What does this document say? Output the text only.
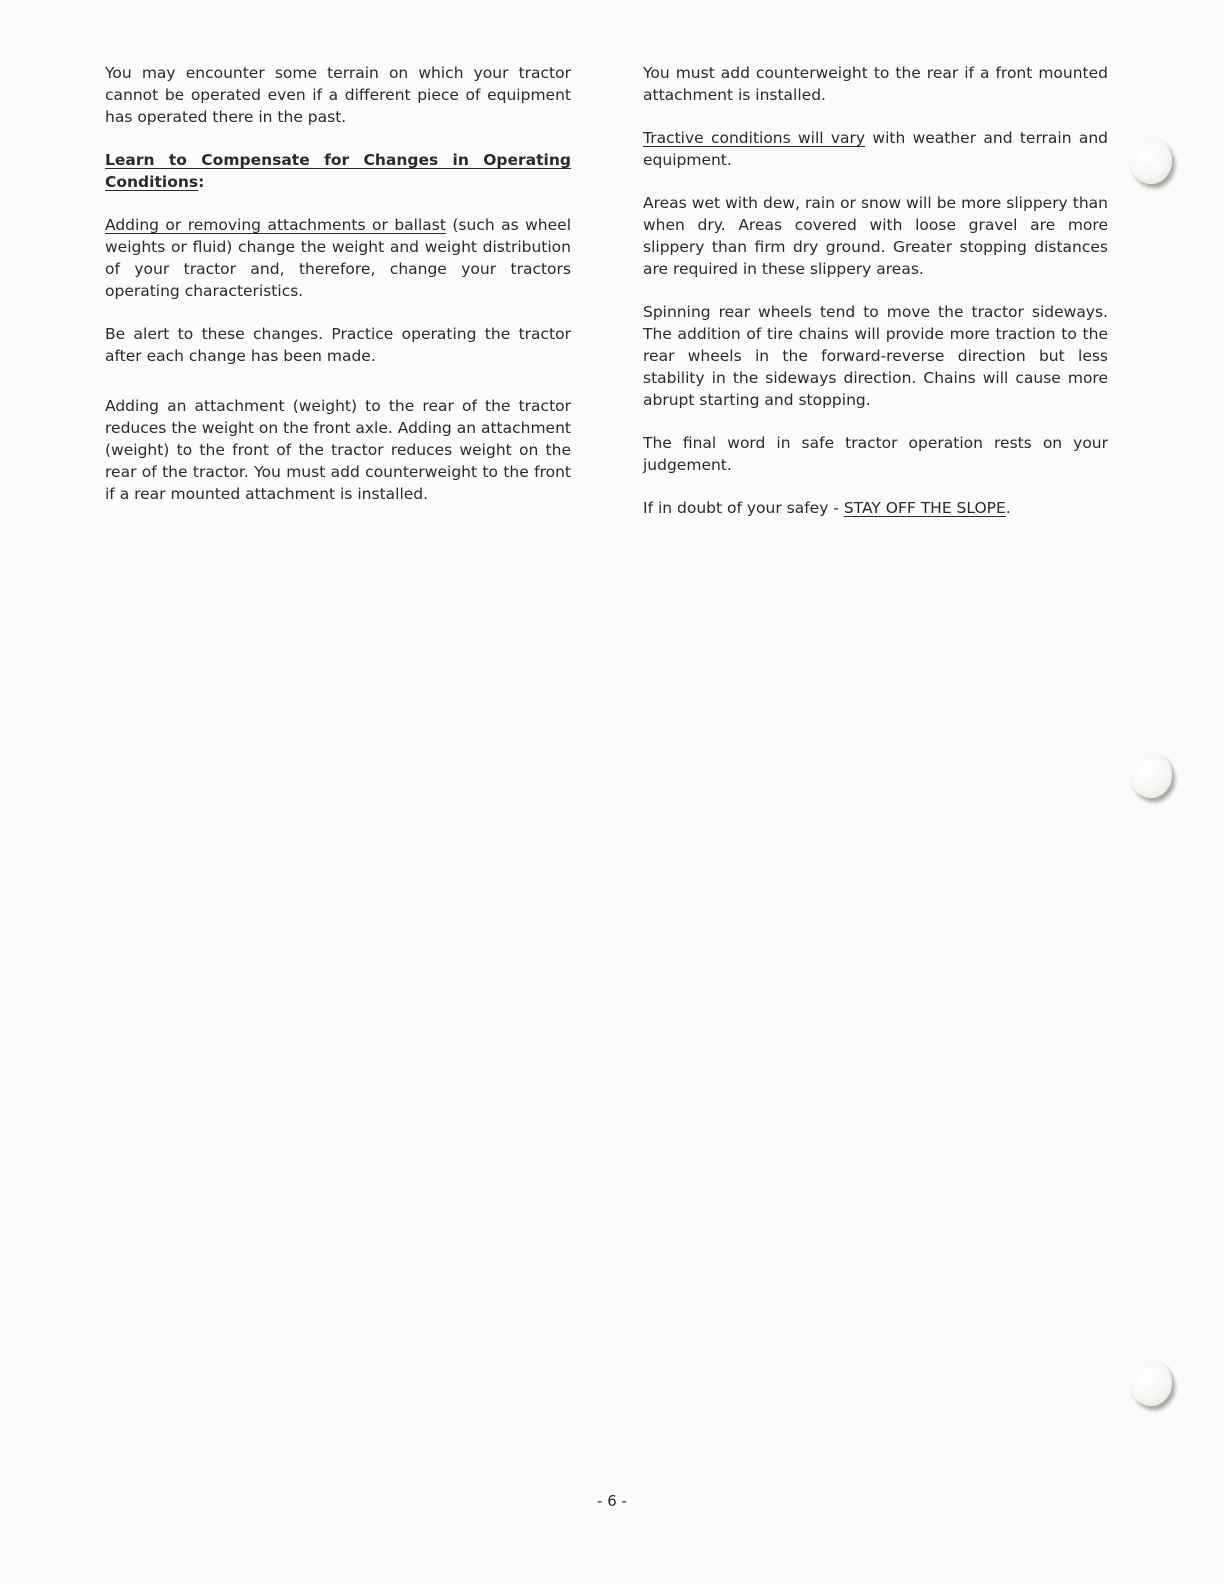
You may encounter some terrain on which your tractor cannot be operated even if a different piece of equipment has operated there in the past.

Learn to Compensate for Changes in Operating Conditions:

Adding or removing attachments or ballast (such as wheel weights or fluid) change the weight and weight distribution of your tractor and, therefore, change your tractors operating characteristics.

Be alert to these changes. Practice operating the tractor after each change has been made.

Adding an attachment (weight) to the rear of the tractor reduces the weight on the front axle. Adding an attachment (weight) to the front of the tractor reduces weight on the rear of the tractor. You must add counterweight to the front if a rear mounted attachment is installed.

You must add counterweight to the rear if a front mounted attachment is installed.

Tractive conditions will vary with weather and terrain and equipment.

Areas wet with dew, rain or snow will be more slippery than when dry. Areas covered with loose gravel are more slippery than firm dry ground. Greater stopping distances are required in these slippery areas.

Spinning rear wheels tend to move the tractor sideways. The addition of tire chains will provide more traction to the rear wheels in the forward-reverse direction but less stability in the sideways direction. Chains will cause more abrupt starting and stopping.

The final word in safe tractor operation rests on your judgement.

If in doubt of your safey - STAY OFF THE SLOPE.

- 6 -
